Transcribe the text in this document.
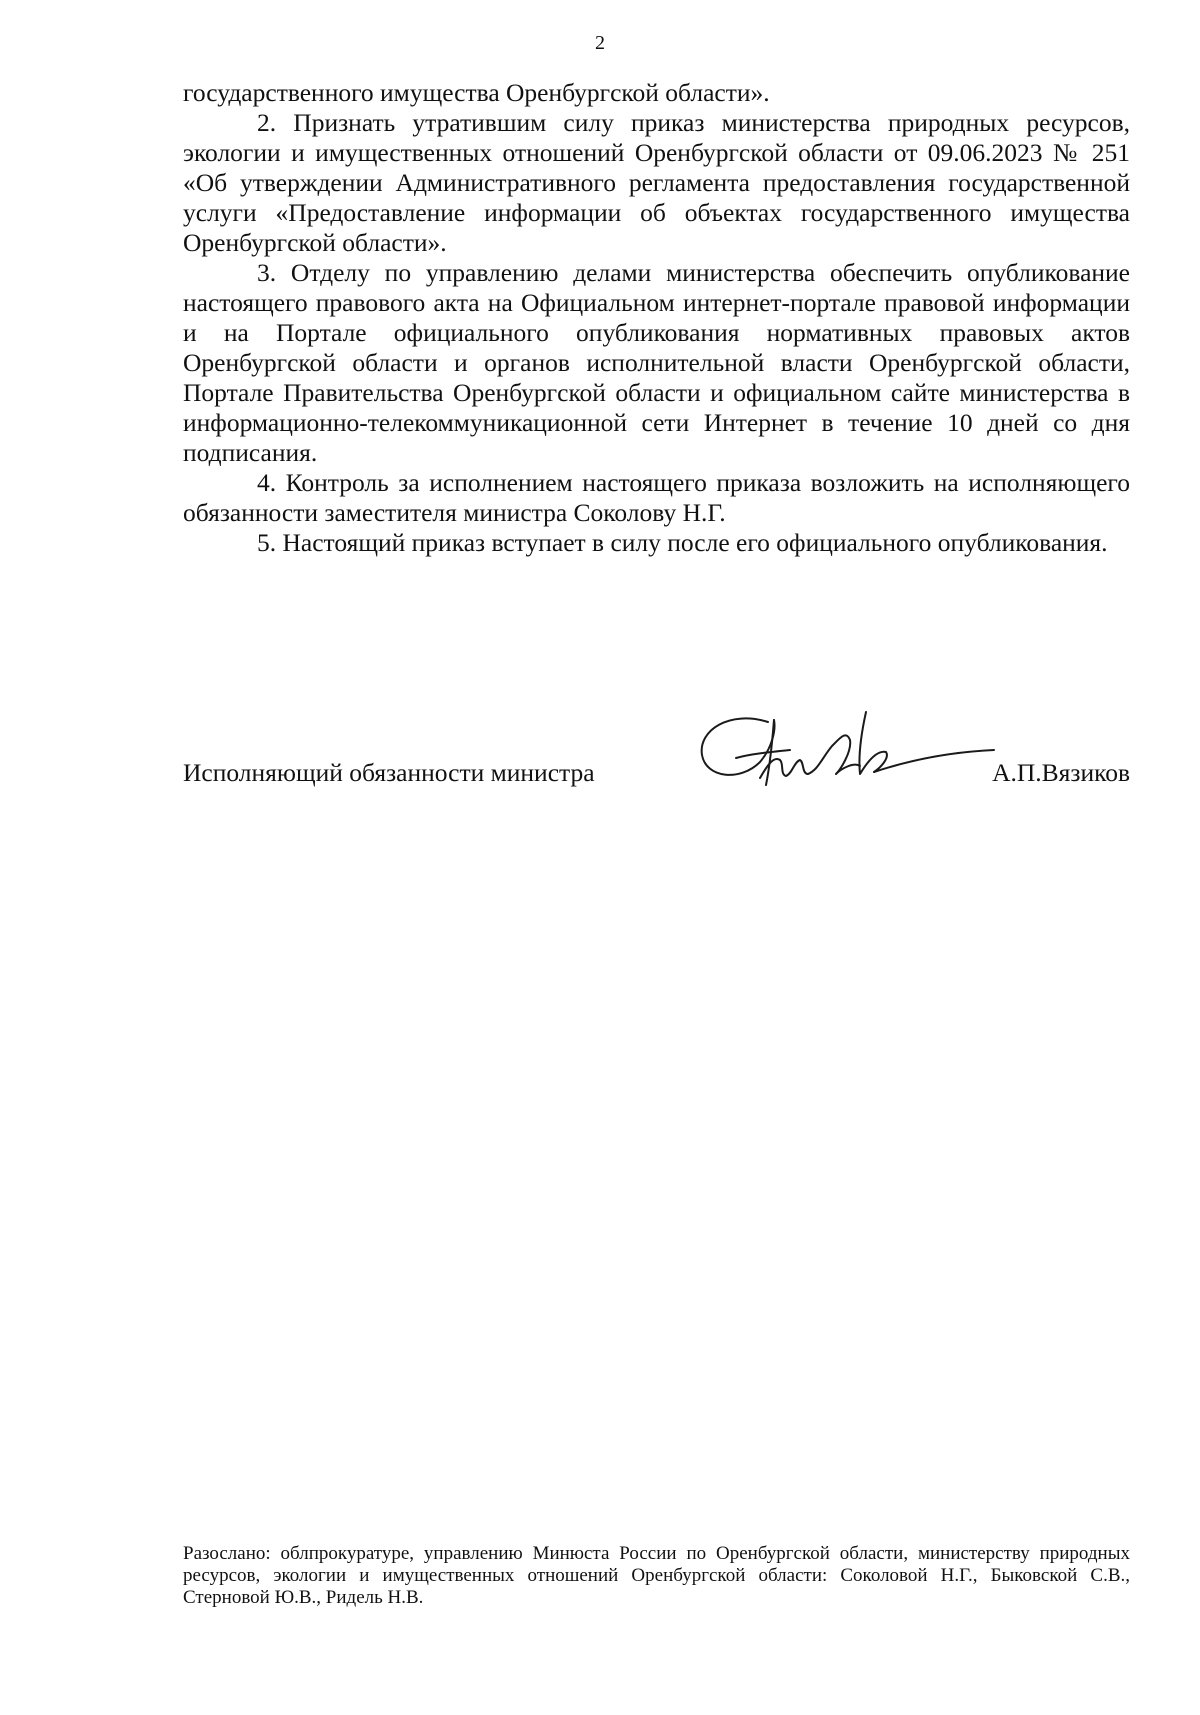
2

государственного имущества Оренбургской области».

2. Признать утратившим силу приказ министерства природных ресурсов, экологии и имущественных отношений Оренбургской области от 09.06.2023 № 251 «Об утверждении Административного регламента предоставления государственной услуги «Предоставление информации об объектах государственного имущества Оренбургской области».

3. Отделу по управлению делами министерства обеспечить опубликование настоящего правового акта на Официальном интернет-портале правовой информации и на Портале официального опубликования нормативных правовых актов Оренбургской области и органов исполнительной власти Оренбургской области, Портале Правительства Оренбургской области и официальном сайте министерства в информационно-телекоммуникационной сети Интернет в течение 10 дней со дня подписания.

4. Контроль за исполнением настоящего приказа возложить на исполняющего обязанности заместителя министра Соколову Н.Г.

5. Настоящий приказ вступает в силу после его официального опубликования.

Исполняющий обязанности министра	А.П.Вязиков

Разослано: облпрокуратуре, управлению Минюста России по Оренбургской области, министерству природных ресурсов, экологии и имущественных отношений Оренбургской области: Соколовой Н.Г., Быковской С.В., Стерновой Ю.В., Ридель Н.В.
